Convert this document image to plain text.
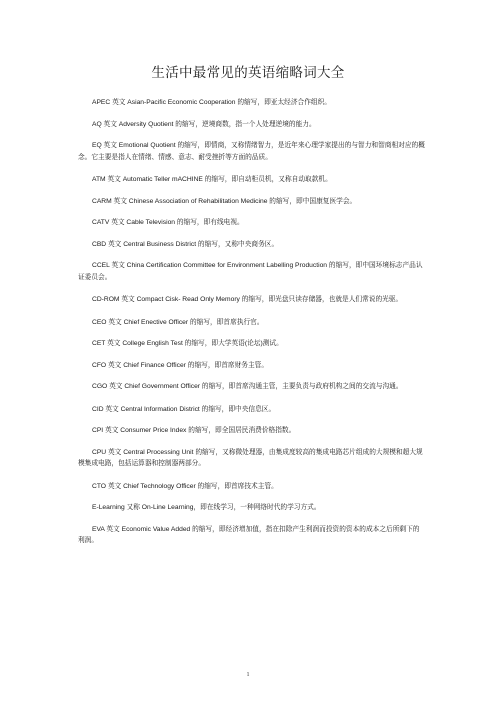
生活中最常见的英语缩略词大全

APEC 英文 Asian-Pacific Economic Cooperation 的缩写，即亚太经济合作组织。

AQ 英文 Adversity Quotient 的缩写，逆境商数，指一个人处理逆境的能力。

EQ 英文 Emotional Quotient 的缩写，即情商，又称情绪智力，是近年来心理学家提出的与智力和智商相对应的概念。它主要是指人在情绪、情感、意志、耐受挫折等方面的品质。

ATM 英文 Automatic Teller mACHINE 的缩写，即自动柜员机，又称自动取款机。

CARM 英文 Chinese Association of Rehabilitation Medicine 的缩写，即中国康复医学会。

CATV 英文 Cable Television 的缩写，即有线电视。

CBD 英文 Central Business District 的缩写，又称中央商务区。

CCEL 英文 China Certification Committee for Environment Labelling Production 的缩写，即中国环境标志产品认证委员会。

CD-ROM 英文 Compact Cisk- Read Only Memory 的缩写，即光盘只读存储器，也就是人们常说的光驱。

CEO 英文 Chief Enective Officer 的缩写，即首席执行官。

CET 英文 College English Test 的缩写，即大学英语(论坛)测试。

CFO 英文 Chief Finance Officer 的缩写，即首席财务主管。

CGO 英文 Chief Government Officer 的缩写，即首席沟通主管，主要负责与政府机构之间的交流与沟通。

CID 英文 Central Information District 的缩写，即中央信息区。

CPI 英文 Consumer Price Index 的缩写，即全国居民消费价格指数。

CPU 英文 Central Processing Unit 的缩写，又称微处理器，由集成度较高的集成电路芯片组成的大规模和超大规模集成电路，包括运算器和控制器两部分。

CTO 英文 Chief Technology Officer 的缩写，即首席技术主管。

E-Learning 又称 On-Line Learning，即在线学习，一种网络时代的学习方式。

EVA 英文 Economic Value Added 的缩写，即经济增加值，指在扣除产生利润而投资的资本的成本之后所剩下的利润。

1
